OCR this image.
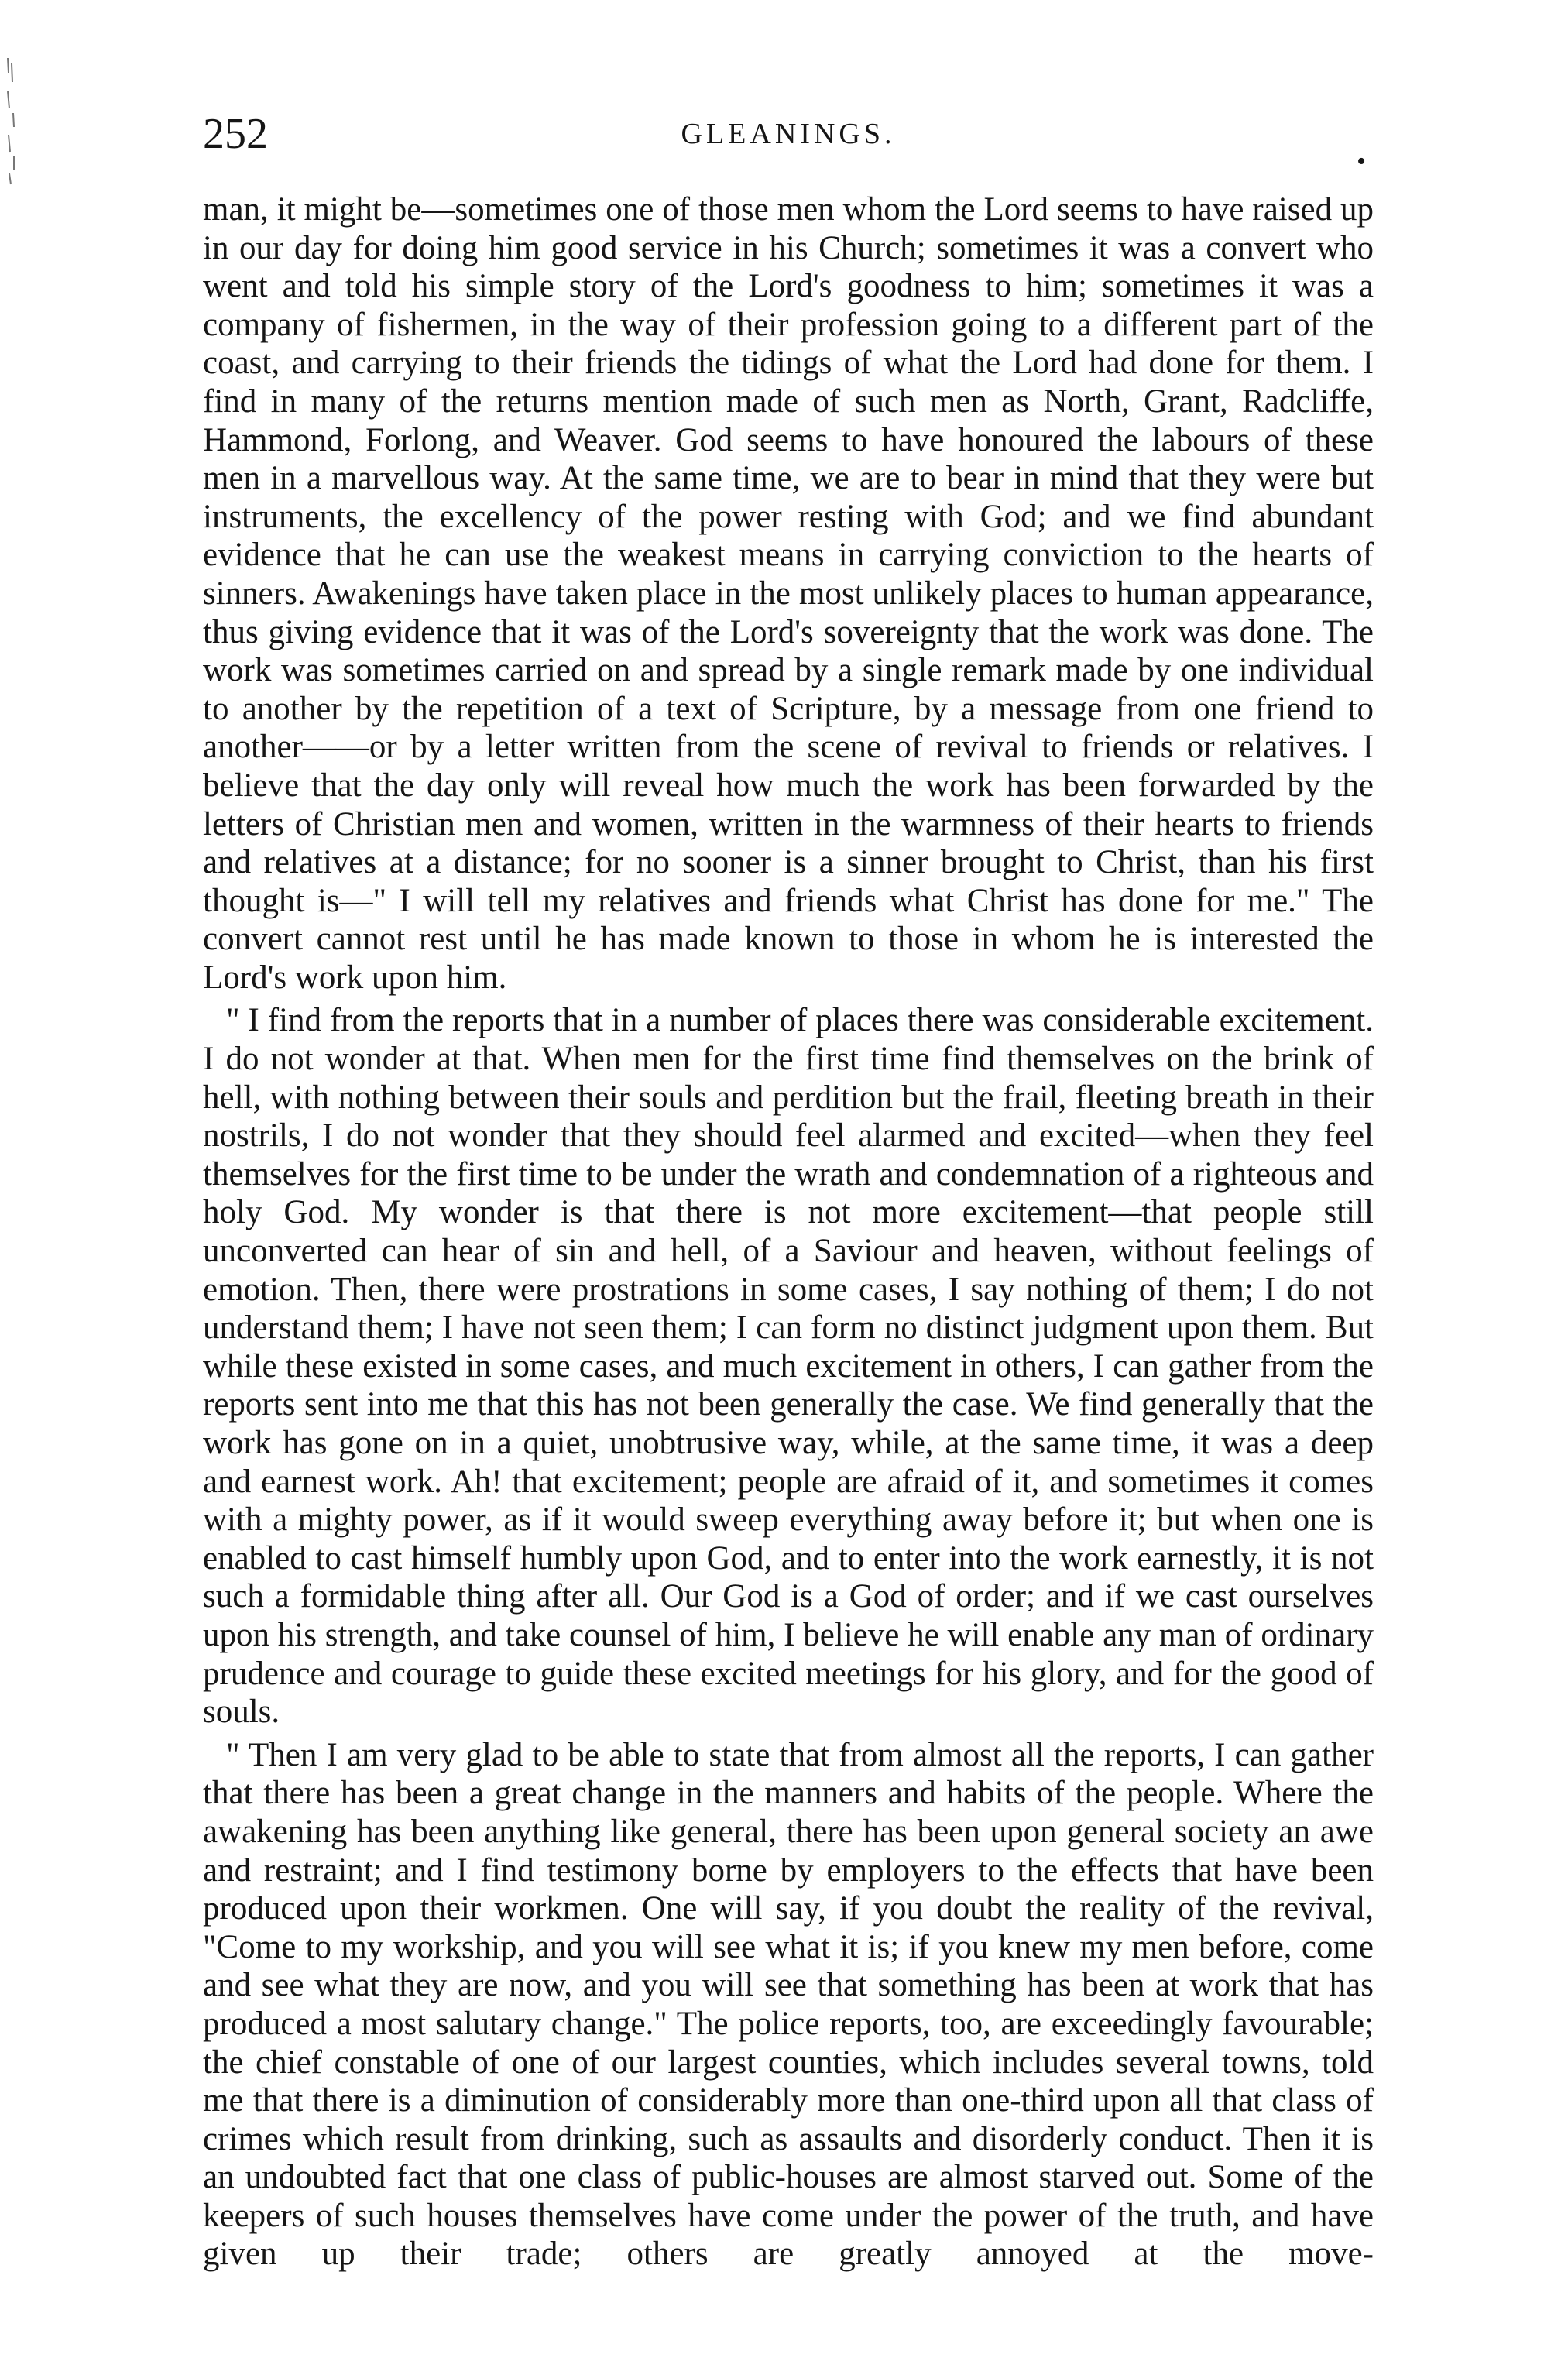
252	GLEANINGS.
•

man, it might be—sometimes one of those men whom the Lord seems to have raised up in our day for doing him good service in his Church; sometimes it was a convert who went and told his simple story of the Lord's goodness to him; sometimes it was a company of fishermen, in the way of their profession going to a different part of the coast, and carrying to their friends the tidings of what the Lord had done for them. I find in many of the returns mention made of such men as North, Grant, Radcliffe, Hammond, Forlong, and Weaver. God seems to have honoured the labours of these men in a marvellous way. At the same time, we are to bear in mind that they were but instruments, the excellency of the power resting with God; and we find abundant evidence that he can use the weakest means in carrying conviction to the hearts of sinners. Awakenings have taken place in the most unlikely places to human appearance, thus giving evidence that it was of the Lord's sovereignty that the work was done. The work was sometimes carried on and spread by a single remark made by one individual to another by the repetition of a text of Scripture, by a message from one friend to another——or by a letter written from the scene of revival to friends or relatives. I believe that the day only will reveal how much the work has been forwarded by the letters of Christian men and women, written in the warmness of their hearts to friends and relatives at a distance; for no sooner is a sinner brought to Christ, than his first thought is—" I will tell my relatives and friends what Christ has done for me." The convert cannot rest until he has made known to those in whom he is interested the Lord's work upon him.

" I find from the reports that in a number of places there was considerable excitement. I do not wonder at that. When men for the first time find themselves on the brink of hell, with nothing between their souls and perdition but the frail, fleeting breath in their nostrils, I do not wonder that they should feel alarmed and excited—when they feel themselves for the first time to be under the wrath and condemnation of a righteous and holy God. My wonder is that there is not more excitement—that people still unconverted can hear of sin and hell, of a Saviour and heaven, without feelings of emotion. Then, there were prostrations in some cases, I say nothing of them; I do not understand them; I have not seen them; I can form no distinct judgment upon them. But while these existed in some cases, and much excitement in others, I can gather from the reports sent into me that this has not been generally the case. We find generally that the work has gone on in a quiet, unobtrusive way, while, at the same time, it was a deep and earnest work. Ah! that excitement; people are afraid of it, and sometimes it comes with a mighty power, as if it would sweep everything away before it; but when one is enabled to cast himself humbly upon God, and to enter into the work earnestly, it is not such a formidable thing after all. Our God is a God of order; and if we cast ourselves upon his strength, and take counsel of him, I believe he will enable any man of ordinary prudence and courage to guide these excited meetings for his glory, and for the good of souls.

" Then I am very glad to be able to state that from almost all the reports, I can gather that there has been a great change in the manners and habits of the people. Where the awakening has been anything like general, there has been upon general society an awe and restraint; and I find testimony borne by employers to the effects that have been produced upon their workmen. One will say, if you doubt the reality of the revival, "Come to my workship, and you will see what it is; if you knew my men before, come and see what they are now, and you will see that something has been at work that has produced a most salutary change." The police reports, too, are exceedingly favourable; the chief constable of one of our largest counties, which includes several towns, told me that there is a diminution of considerably more than one-third upon all that class of crimes which result from drinking, such as assaults and disorderly conduct. Then it is an undoubted fact that one class of public-houses are almost starved out. Some of the keepers of such houses themselves have come under the power of the truth, and have given up their trade; others are greatly annoyed at the move-
